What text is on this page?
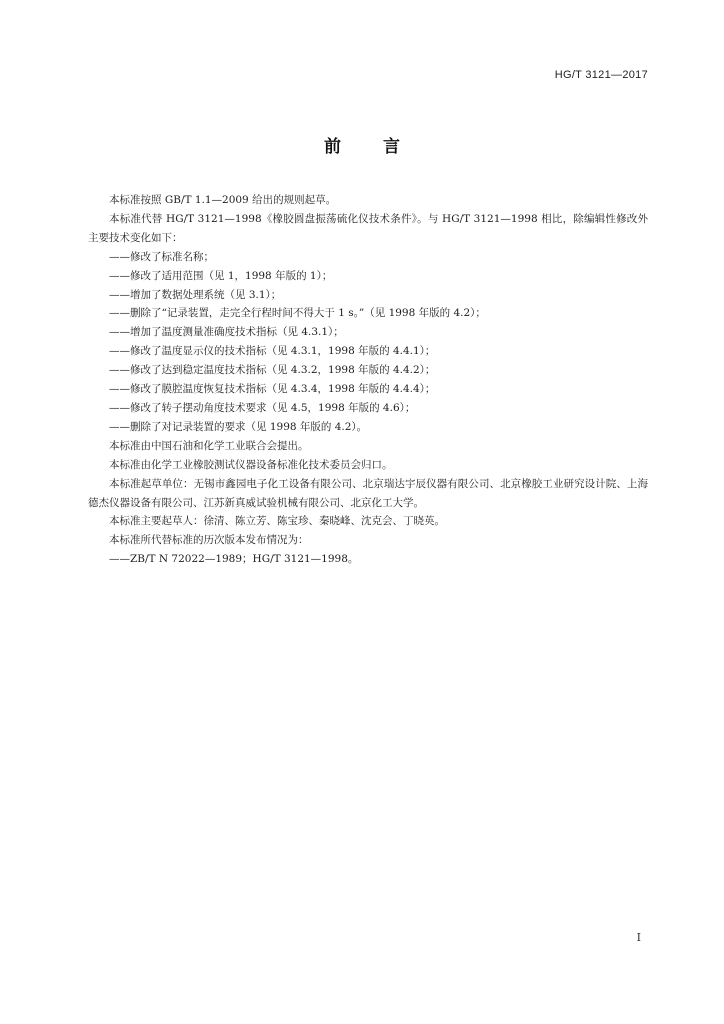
HG/T 3121—2017
前言

本标准按照 GB/T 1.1—2009 给出的规则起草。

本标准代替 HG/T 3121—1998《橡胶圆盘振荡硫化仪技术条件》。与 HG/T 3121—1998 相比，除编辑性修改外主要技术变化如下：

——修改了标准名称；

——修改了适用范围（见 1，1998 年版的 1）；

——增加了数据处理系统（见 3.1）；

——删除了“记录装置，走完全行程时间不得大于 1 s。”（见 1998 年版的 4.2）；

——增加了温度测量准确度技术指标（见 4.3.1）；

——修改了温度显示仪的技术指标（见 4.3.1，1998 年版的 4.4.1）；

——修改了达到稳定温度技术指标（见 4.3.2，1998 年版的 4.4.2）；

——修改了膜腔温度恢复技术指标（见 4.3.4，1998 年版的 4.4.4）；

——修改了转子摆动角度技术要求（见 4.5，1998 年版的 4.6）；

——删除了对记录装置的要求（见 1998 年版的 4.2）。

本标准由中国石油和化学工业联合会提出。

本标准由化学工业橡胶测试仪器设备标准化技术委员会归口。

本标准起草单位：无锡市鑫园电子化工设备有限公司、北京瑞达宇辰仪器有限公司、北京橡胶工业研究设计院、上海德杰仪器设备有限公司、江苏新真威试验机械有限公司、北京化工大学。

本标准主要起草人：徐清、陈立芳、陈宝珍、秦晓峰、沈克会、丁晓英。

本标准所代替标准的历次版本发布情况为：

——ZB/T N 72022—1989；HG/T 3121—1998。

I
